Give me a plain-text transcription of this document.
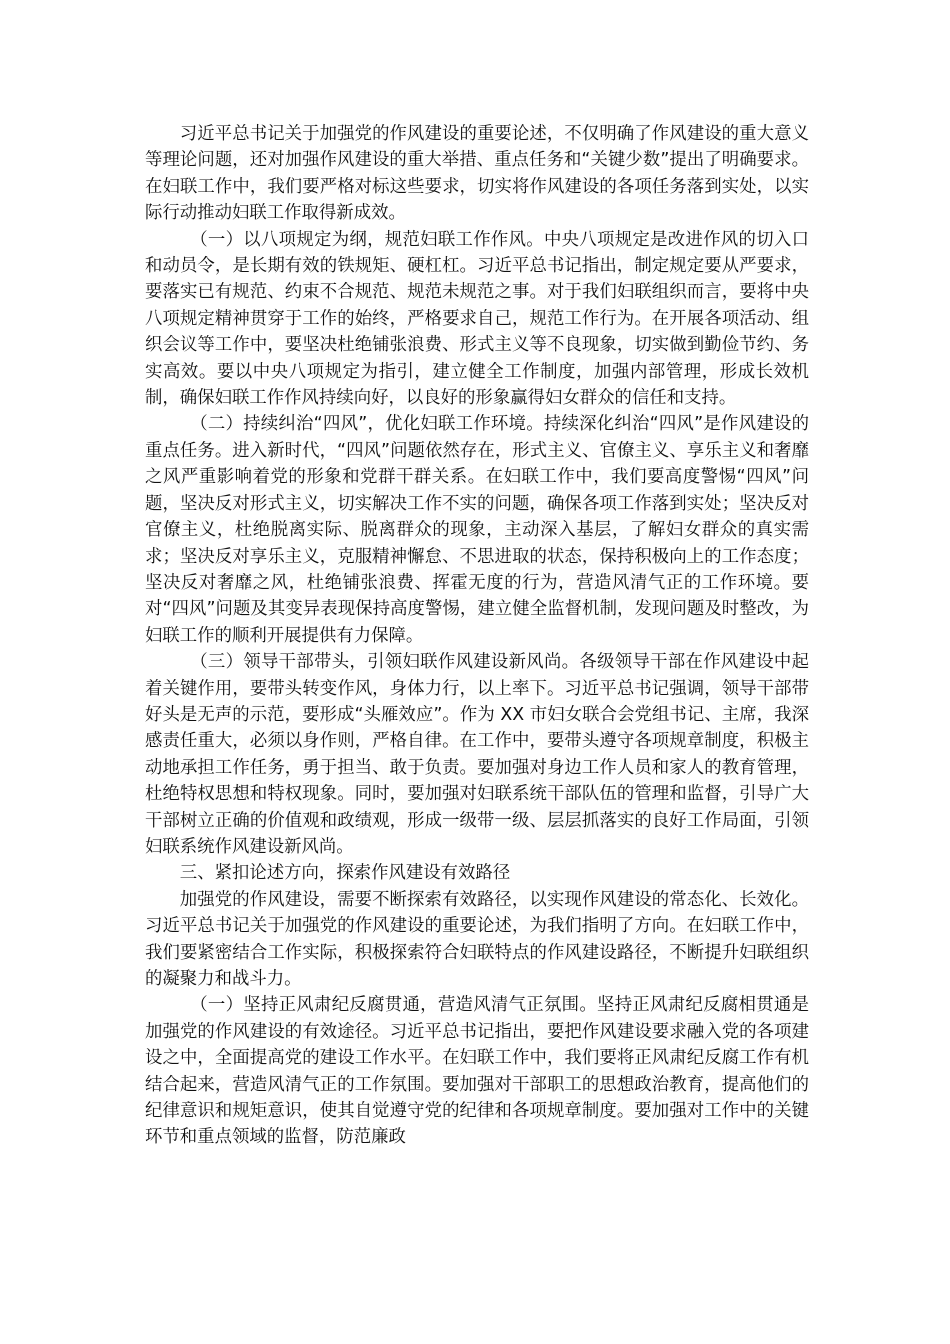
习近平总书记关于加强党的作风建设的重要论述，不仅明确了作风建设的重大意义等理论问题，还对加强作风建设的重大举措、重点任务和“关键少数”提出了明确要求。在妇联工作中，我们要严格对标这些要求，切实将作风建设的各项任务落到实处，以实际行动推动妇联工作取得新成效。

（一）以八项规定为纲，规范妇联工作作风。中央八项规定是改进作风的切入口和动员令，是长期有效的铁规矩、硬杠杠。习近平总书记指出，制定规定要从严要求，要落实已有规范、约束不合规范、规范未规范之事。对于我们妇联组织而言，要将中央八项规定精神贯穿于工作的始终，严格要求自己，规范工作行为。在开展各项活动、组织会议等工作中，要坚决杜绝铺张浪费、形式主义等不良现象，切实做到勤俭节约、务实高效。要以中央八项规定为指引，建立健全工作制度，加强内部管理，形成长效机制，确保妇联工作作风持续向好，以良好的形象赢得妇女群众的信任和支持。

（二）持续纠治“四风”，优化妇联工作环境。持续深化纠治“四风”是作风建设的重点任务。进入新时代，“四风”问题依然存在，形式主义、官僚主义、享乐主义和奢靡之风严重影响着党的形象和党群干群关系。在妇联工作中，我们要高度警惕“四风”问题，坚决反对形式主义，切实解决工作不实的问题，确保各项工作落到实处；坚决反对官僚主义，杜绝脱离实际、脱离群众的现象，主动深入基层，了解妇女群众的真实需求；坚决反对享乐主义，克服精神懈怠、不思进取的状态，保持积极向上的工作态度；坚决反对奢靡之风，杜绝铺张浪费、挥霍无度的行为，营造风清气正的工作环境。要对“四风”问题及其变异表现保持高度警惕，建立健全监督机制，发现问题及时整改，为妇联工作的顺利开展提供有力保障。

（三）领导干部带头，引领妇联作风建设新风尚。各级领导干部在作风建设中起着关键作用，要带头转变作风，身体力行，以上率下。习近平总书记强调，领导干部带好头是无声的示范，要形成“头雁效应”。作为 XX 市妇女联合会党组书记、主席，我深感责任重大，必须以身作则，严格自律。在工作中，要带头遵守各项规章制度，积极主动地承担工作任务，勇于担当、敢于负责。要加强对身边工作人员和家人的教育管理，杜绝特权思想和特权现象。同时，要加强对妇联系统干部队伍的管理和监督，引导广大干部树立正确的价值观和政绩观，形成一级带一级、层层抓落实的良好工作局面，引领妇联系统作风建设新风尚。

三、紧扣论述方向，探索作风建设有效路径

加强党的作风建设，需要不断探索有效路径，以实现作风建设的常态化、长效化。习近平总书记关于加强党的作风建设的重要论述，为我们指明了方向。在妇联工作中，我们要紧密结合工作实际，积极探索符合妇联特点的作风建设路径，不断提升妇联组织的凝聚力和战斗力。

（一）坚持正风肃纪反腐贯通，营造风清气正氛围。坚持正风肃纪反腐相贯通是加强党的作风建设的有效途径。习近平总书记指出，要把作风建设要求融入党的各项建设之中，全面提高党的建设工作水平。在妇联工作中，我们要将正风肃纪反腐工作有机结合起来，营造风清气正的工作氛围。要加强对干部职工的思想政治教育，提高他们的纪律意识和规矩意识，使其自觉遵守党的纪律和各项规章制度。要加强对工作中的关键环节和重点领域的监督，防范廉政
